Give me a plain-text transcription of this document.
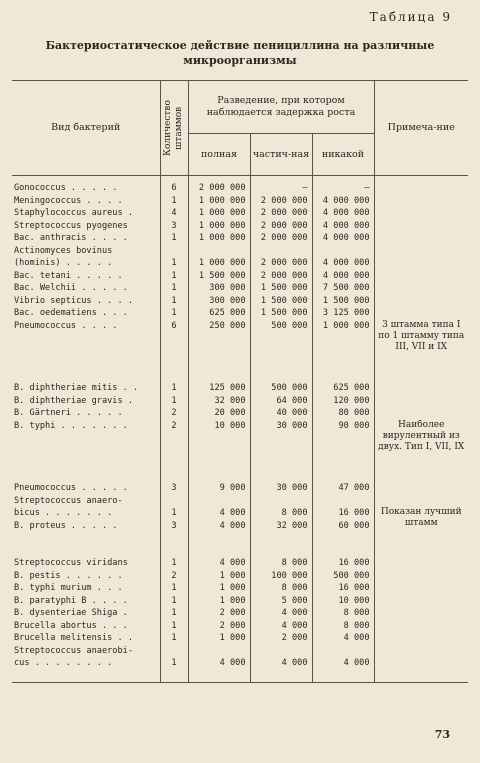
Таблица 9
Бактериостатическое действие пенициллина на различные микроорганизмы
Вид бактерий	Количество штаммов	Разведение, при котором наблюдается задержка роста			Примеча-ние
		полная	частич-ная	никакой	
Gonococcus . . . . .	6	2 000 000	—	—	
Meningococcus . . . .	1	1 000 000	2 000 000	4 000 000	
Staphylococcus aureus .	4	1 000 000	2 000 000	4 000 000	
Streptococcus pyogenes	3	1 000 000	2 000 000	4 000 000	
Bac. anthracis . . . .	1	1 000 000	2 000 000	4 000 000	
Actinomyces bovinus					
(hominis) . . . . .	1	1 000 000	2 000 000	4 000 000	
Bac. tetani . . . . .	1	1 500 000	2 000 000	4 000 000	
Bac. Welchii . . . . .	1	300 000	1 500 000	7 500 000	
Vibrio septicus . . . .	1	300 000	1 500 000	1 500 000	
Bac. oedematiens . . .	1	625 000	1 500 000	3 125 000	
Pneumococcus . . . .	6	250 000	500 000	1 000 000	3 штамма типа I по 1 штамму типа III, VII и IX

B. diphtheriae mitis . .	1	125 000	500 000	625 000	
B. diphtheriae gravis .	1	32 000	64 000	120 000	
B. Gärtneri . . . . .	2	20 000	40 000	80 000	
B. typhi . . . . . . .	2	10 000	30 000	90 000	Наиболее вирулентный из двух. Тип I, VII, IX

Pneumococcus . . . . .	3	9 000	30 000	47 000	
Streptococcus anaero-					
bicus . . . . . . .	1	4 000	8 000	16 000	Показан лучший штамм
B. proteus . . . . .	3	4 000	32 000	60 000	

Streptococcus viridans	1	4 000	8 000	16 000	
B. pestis . . . . . .	2	1 000	100 000	500 000	
B. typhi murium . . .	1	1 000	8 000	16 000	
B. paratyphi B . . . .	1	1 000	5 000	10 000	
B. dysenteriae Shiga .	1	2 000	4 000	8 000	
Brucella abortus . . .	1	2 000	4 000	8 000	
Brucella melitensis . .	1	1 000	2 000	4 000	
Streptococcus anaerobi-					
cus . . . . . . . .	1	4 000	4 000	4 000	

73
